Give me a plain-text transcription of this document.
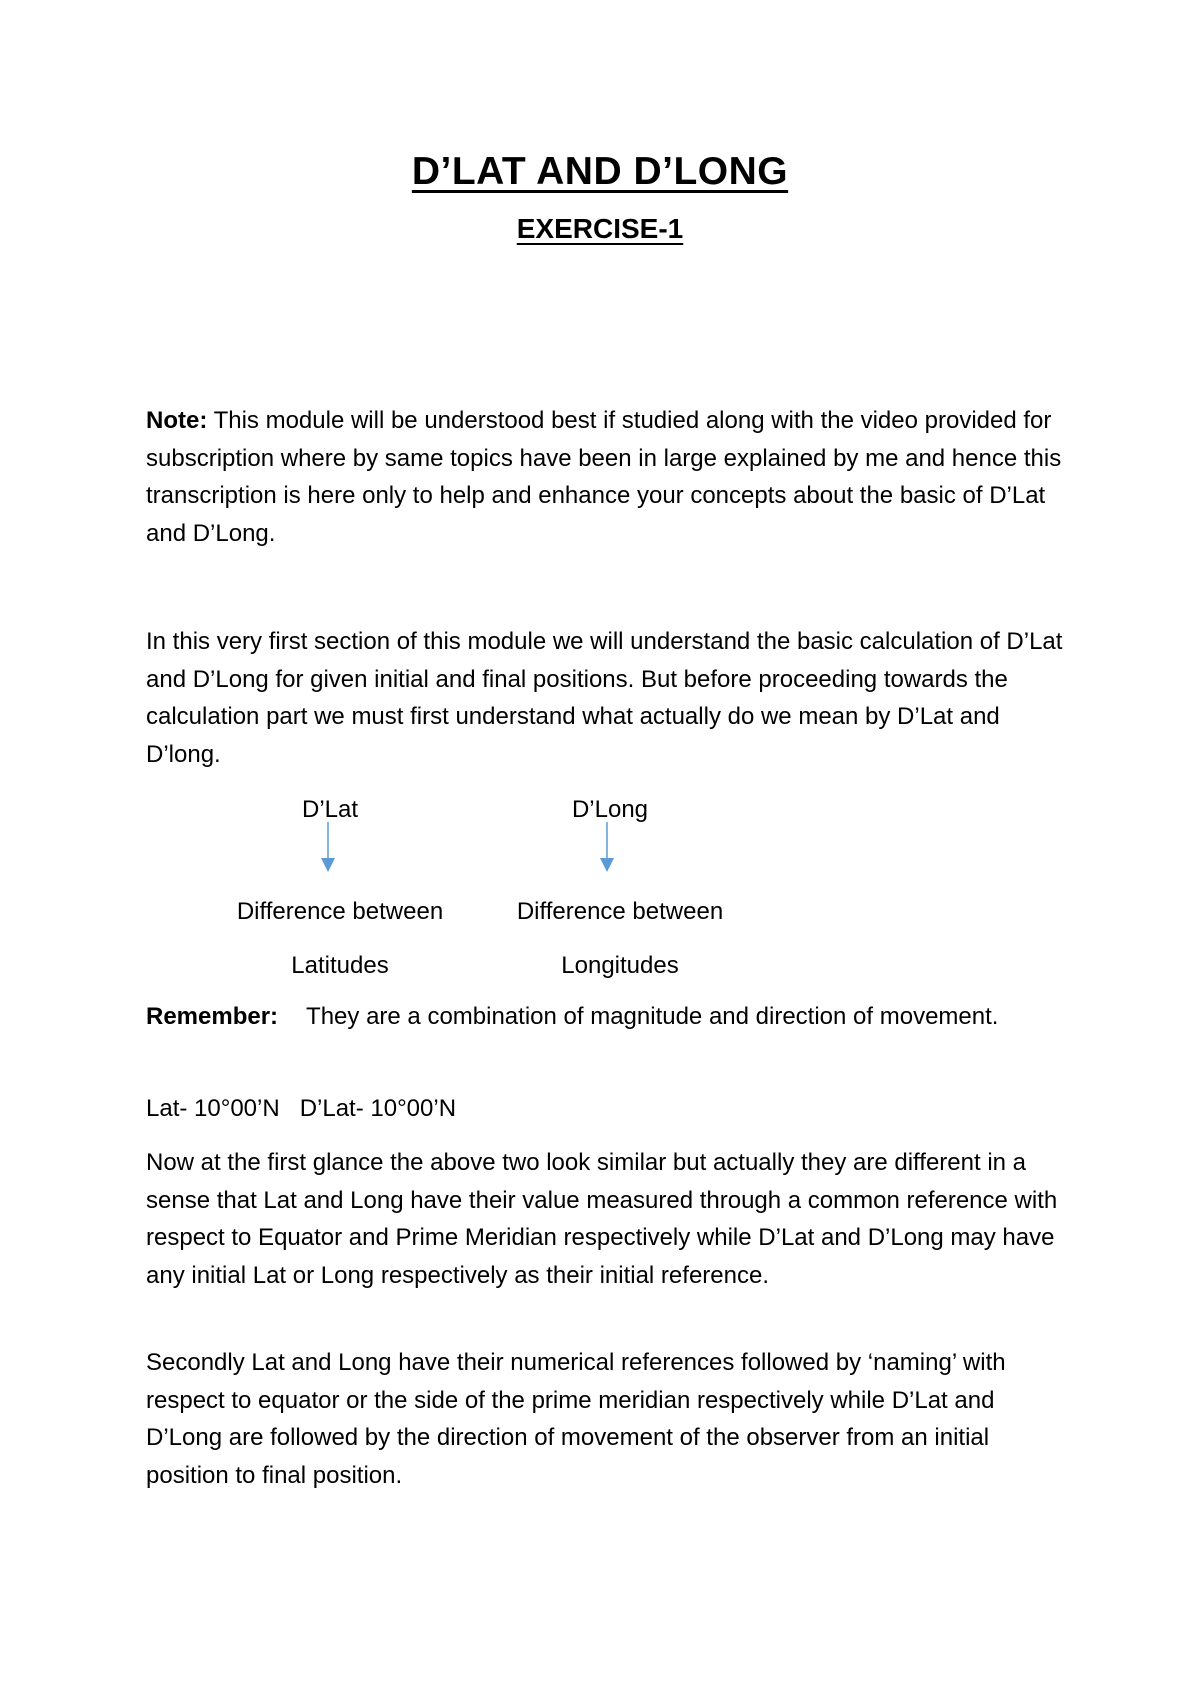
D’LAT AND D’LONG
EXERCISE-1

Note: This module will be understood best if studied along with the video provided for subscription where by same topics have been in large explained by me and hence this transcription is here only to help and enhance your concepts about the basic of D’Lat and D’Long.

In this very first section of this module we will understand the basic calculation of D’Lat and D’Long for given initial and final positions. But before proceeding towards the calculation part we must first understand what actually do we mean by D’Lat and D’long.

D’Lat	D’Long
Difference between	Difference between
Latitudes	Longitudes

Remember: They are a combination of magnitude and direction of movement.

Lat- 10°00’N D’Lat- 10°00’N

Now at the first glance the above two look similar but actually they are different in a sense that Lat and Long have their value measured through a common reference with respect to Equator and Prime Meridian respectively while D’Lat and D’Long may have any initial Lat or Long respectively as their initial reference.

Secondly Lat and Long have their numerical references followed by ‘naming’ with respect to equator or the side of the prime meridian respectively while D’Lat and D’Long are followed by the direction of movement of the observer from an initial position to final position.
